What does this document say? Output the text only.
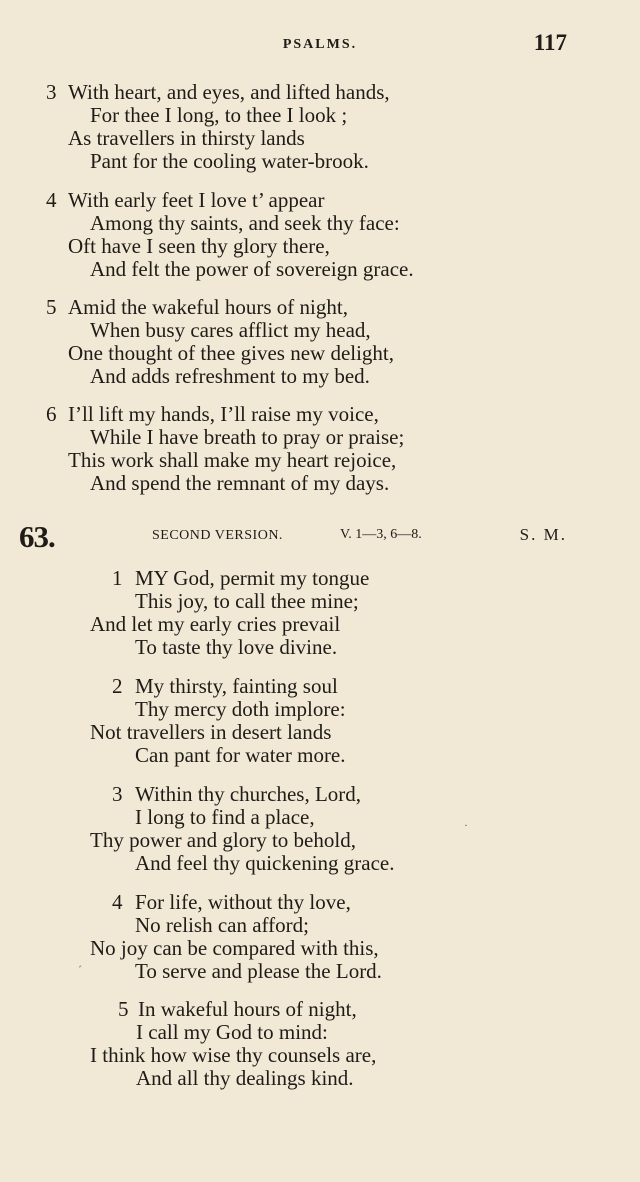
PSALMS.	117
3 With heart, and eyes, and lifted hands,
For thee I long, to thee I look ;
As travellers in thirsty lands
Pant for the cooling water-brook.
4 With early feet I love t’ appear
Among thy saints, and seek thy face:
Oft have I seen thy glory there,
And felt the power of sovereign grace.
5 Amid the wakeful hours of night,
When busy cares afflict my head,
One thought of thee gives new delight,
And adds refreshment to my bed.
6 I’ll lift my hands, I’ll raise my voice,
While I have breath to pray or praise;
This work shall make my heart rejoice,
And spend the remnant of my days.
63.	SECOND VERSION.	V. 1—3, 6—8.	S. M.
1 MY God, permit my tongue
This joy, to call thee mine;
And let my early cries prevail
To taste thy love divine.
2 My thirsty, fainting soul
Thy mercy doth implore:
Not travellers in desert lands
Can pant for water more.
3 Within thy churches, Lord,
I long to find a place,
Thy power and glory to behold,
And feel thy quickening grace.
4 For life, without thy love,
No relish can afford;
No joy can be compared with this,
To serve and please the Lord.
5 In wakeful hours of night,
I call my God to mind:
I think how wise thy counsels are,
And all thy dealings kind.
·
´
